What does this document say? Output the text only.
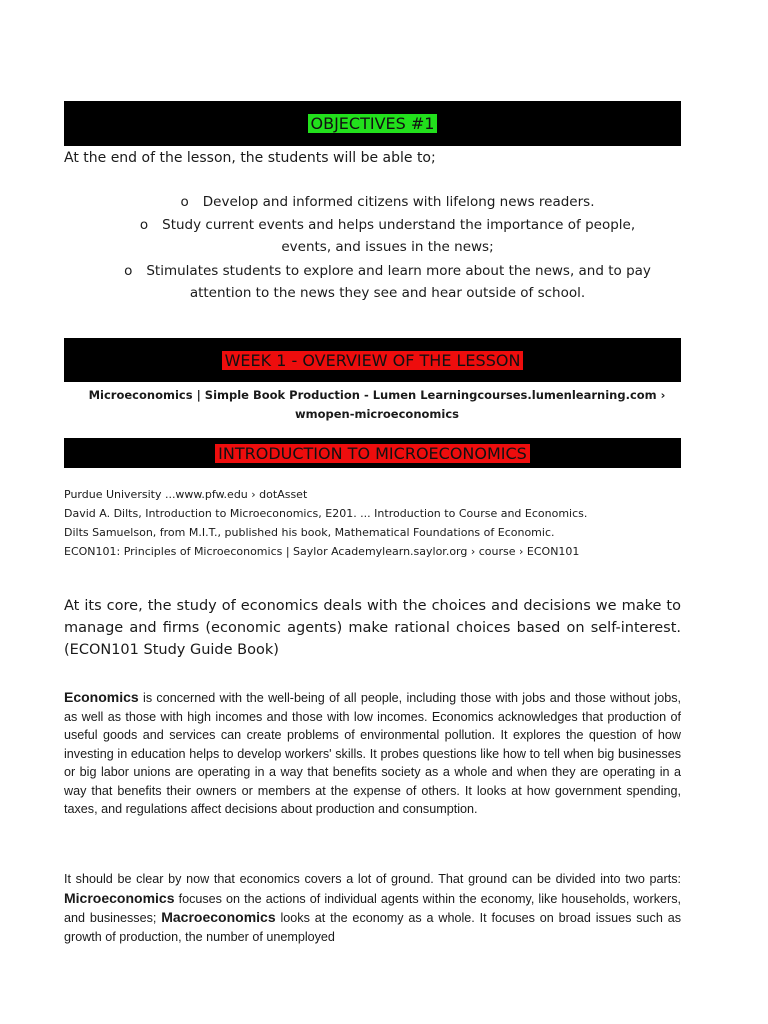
OBJECTIVES #1
At the end of the lesson, the students will be able to;
o Develop and informed citizens with lifelong news readers.
o Study current events and helps understand the importance of people,
events, and issues in the news;
o Stimulates students to explore and learn more about the news, and to pay
attention to the news they see and hear outside of school.
WEEK 1 - OVERVIEW OF THE LESSON
Microeconomics | Simple Book Production - Lumen Learningcourses.lumenlearning.com ›
wmopen-microeconomics
INTRODUCTION TO MICROECONOMICS
Purdue University ...www.pfw.edu › dotAsset
David A. Dilts, Introduction to Microeconomics, E201. ... Introduction to Course and Economics.
Dilts Samuelson, from M.I.T., published his book, Mathematical Foundations of Economic.
ECON101: Principles of Microeconomics | Saylor Academylearn.saylor.org › course › ECON101
At its core, the study of economics deals with the choices and decisions we make to manage and firms (economic agents) make rational choices based on self-interest. (ECON101 Study Guide Book)
Economics is concerned with the well-being of all people, including those with jobs and those without jobs, as well as those with high incomes and those with low incomes. Economics acknowledges that production of useful goods and services can create problems of environmental pollution. It explores the question of how investing in education helps to develop workers' skills. It probes questions like how to tell when big businesses or big labor unions are operating in a way that benefits society as a whole and when they are operating in a way that benefits their owners or members at the expense of others. It looks at how government spending, taxes, and regulations affect decisions about production and consumption.
It should be clear by now that economics covers a lot of ground. That ground can be divided into two parts: Microeconomics focuses on the actions of individual agents within the economy, like households, workers, and businesses; Macroeconomics looks at the economy as a whole. It focuses on broad issues such as growth of production, the number of unemployed
